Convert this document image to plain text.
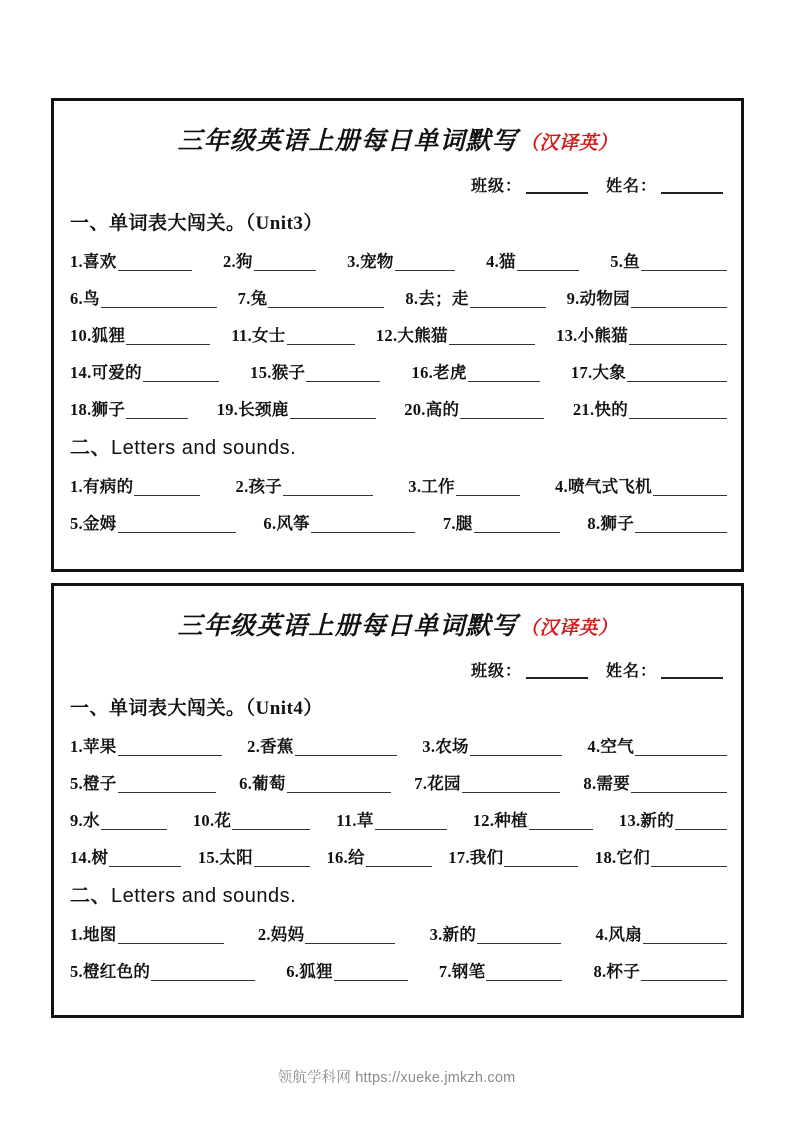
三年级英语上册每日单词默写 （汉译英）
班级：	姓名：
一、单词表大闯关。（Unit3）
1.喜欢	2.狗	3.宠物	4.猫	5.鱼
6.鸟	7.兔	8.去；走	9.动物园
10.狐狸	11.女士	12.大熊猫	13.小熊猫
14.可爱的	15.猴子	16.老虎	17.大象
18.狮子	19.长颈鹿	20.高的	21.快的
二、Letters and sounds.
1.有病的	2.孩子	3.工作	4.喷气式飞机
5.金姆	6.风筝	7.腿	8.狮子
三年级英语上册每日单词默写 （汉译英）
班级：	姓名：
一、单词表大闯关。（Unit4）
1.苹果	2.香蕉	3.农场	4.空气
5.橙子	6.葡萄	7.花园	8.需要
9.水	10.花	11.草	12.种植	13.新的
14.树	15.太阳	16.给	17.我们	18.它们
二、Letters and sounds.
1.地图	2.妈妈	3.新的	4.风扇
5.橙红色的	6.狐狸	7.钢笔	8.杯子
领航学科网 https://xueke.jmkzh.com
